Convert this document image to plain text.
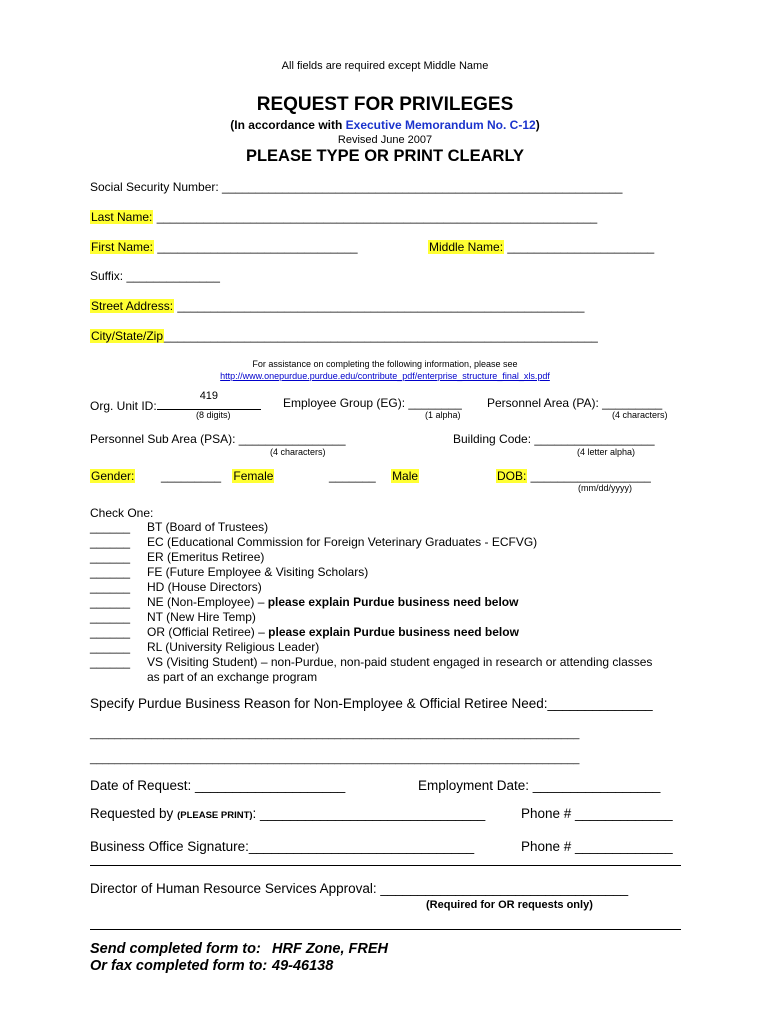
All fields are required except Middle Name
REQUEST FOR PRIVILEGES
(In accordance with Executive Memorandum No. C-12)
Revised June 2007
PLEASE TYPE OR PRINT CLEARLY
Social Security Number: ____________________________________________________________
Last Name: __________________________________________________________________
First Name: ______________________________	Middle Name: ______________________
Suffix: ______________
Street Address: _____________________________________________________________
City/State/Zip_________________________________________________________________
For assistance on completing the following information, please see
http://www.onepurdue.purdue.edu/contribute_pdf/enterprise_structure_final_xls.pdf
Org. Unit ID:
419
(8 digits)
Employee Group (EG): ________
(1 alpha)
Personnel Area (PA): _________
(4 characters)
Personnel Sub Area (PSA): ________________
(4 characters)
Building Code: __________________
(4 letter alpha)
Gender: _________ Female	_______ Male	DOB: __________________
(mm/dd/yyyy)
Check One:
______ BT (Board of Trustees)
______ EC (Educational Commission for Foreign Veterinary Graduates - ECFVG)
______ ER (Emeritus Retiree)
______ FE (Future Employee & Visiting Scholars)
______ HD (House Directors)
______ NE (Non-Employee) – please explain Purdue business need below
______ NT (New Hire Temp)
______ OR (Official Retiree) – please explain Purdue business need below
______ RL (University Religious Leader)
______ VS (Visiting Student) – non-Purdue, non-paid student engaged in research or attending classes
as part of an exchange program
Specify Purdue Business Reason for Non-Employee & Official Retiree Need:______________
________________________________________________________________________________
________________________________________________________________________________
Date of Request: ____________________	Employment Date: _________________
Requested by (PLEASE PRINT): ______________________________	Phone # _____________
Business Office Signature:______________________________	Phone # _____________
Director of Human Resource Services Approval: _________________________________
(Required for OR requests only)
Send completed form to: HRF Zone, FREH
Or fax completed form to: 49-46138
